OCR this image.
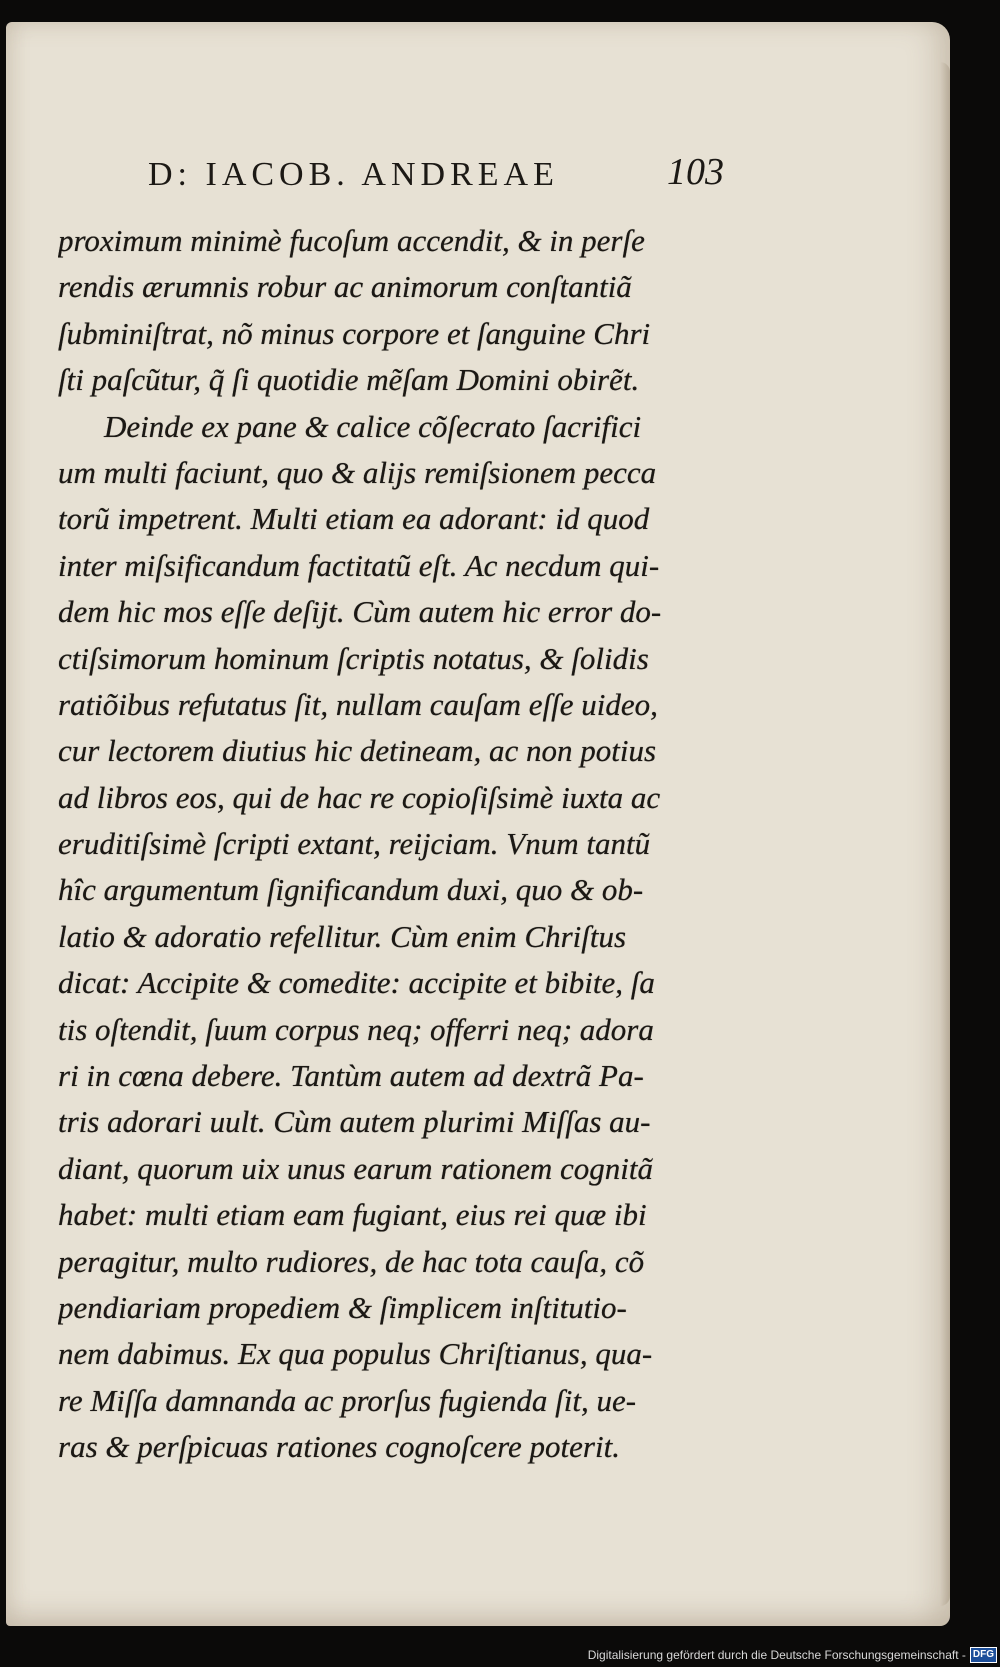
D: IACOB. ANDREAE	103
proximum minimè fucoſum accendit, & in perſe
rendis ærumnis robur ac animorum conſtantiã
ſubminiſtrat, nõ minus corpore et ſanguine Chri
ſti paſcũtur, q̃ ſi quotidie mẽſam Domini obirẽt.
Deinde ex pane & calice cõſecrato ſacrifici
um multi faciunt, quo & alijs remiſsionem pecca
torũ impetrent. Multi etiam ea adorant: id quod
inter miſsificandum factitatũ eſt. Ac necdum qui-
dem hic mos eſſe deſijt. Cùm autem hic error do-
ctiſsimorum hominum ſcriptis notatus, & ſolidis
ratiõibus refutatus ſit, nullam cauſam eſſe uideo,
cur lectorem diutius hic detineam, ac non potius
ad libros eos, qui de hac re copioſiſsimè iuxta ac
eruditiſsimè ſcripti extant, reijciam. Vnum tantũ
hîc argumentum ſignificandum duxi, quo & ob-
latio & adoratio refellitur. Cùm enim Chriſtus
dicat: Accipite & comedite: accipite et bibite, ſa
tis oſtendit, ſuum corpus neq; offerri neq; adora
ri in cœna debere. Tantùm autem ad dextrã Pa-
tris adorari uult. Cùm autem plurimi Miſſas au-
diant, quorum uix unus earum rationem cognitã
habet: multi etiam eam fugiant, eius rei quæ ibi
peragitur, multo rudiores, de hac tota cauſa, cõ
pendiariam propediem & ſimplicem inſtitutio-
nem dabimus. Ex qua populus Chriſtianus, qua-
re Miſſa damnanda ac prorſus fugienda ſit, ue-
ras & perſpicuas rationes cognoſcere poterit.
Digitalisierung gefördert durch die Deutsche Forschungsgemeinschaft - DFG
